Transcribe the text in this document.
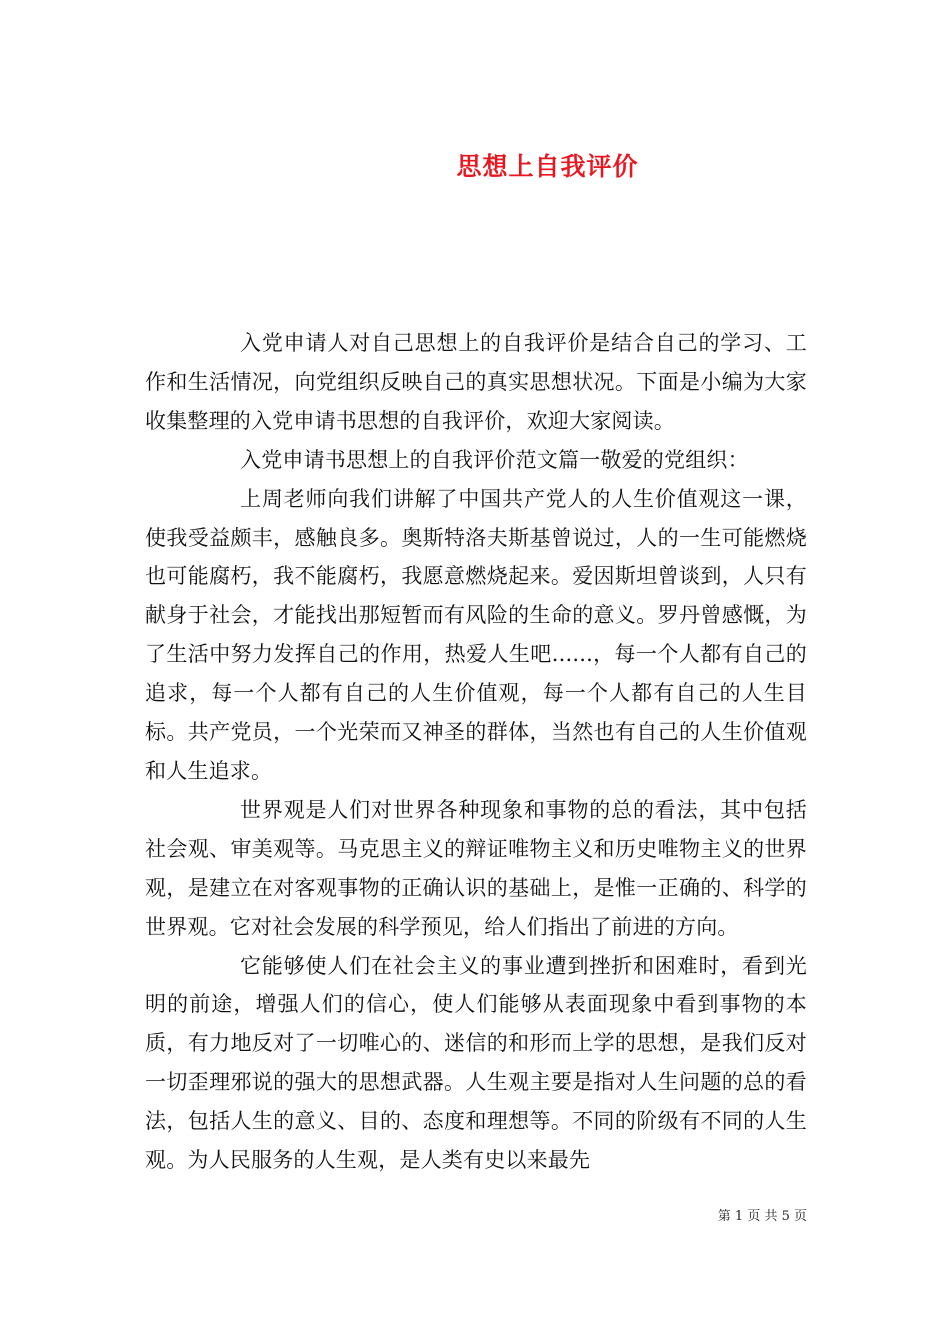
思想上自我评价

入党申请人对自己思想上的自我评价是结合自己的学习、工作和生活情况，向党组织反映自己的真实思想状况。下面是小编为大家收集整理的入党申请书思想的自我评价，欢迎大家阅读。

入党申请书思想上的自我评价范文篇一敬爱的党组织：

上周老师向我们讲解了中国共产党人的人生价值观这一课，使我受益颇丰，感触良多。奥斯特洛夫斯基曾说过，人的一生可能燃烧也可能腐朽，我不能腐朽，我愿意燃烧起来。爱因斯坦曾谈到，人只有献身于社会，才能找出那短暂而有风险的生命的意义。罗丹曾感慨，为了生活中努力发挥自己的作用，热爱人生吧......，每一个人都有自己的追求，每一个人都有自己的人生价值观，每一个人都有自己的人生目标。共产党员，一个光荣而又神圣的群体，当然也有自己的人生价值观和人生追求。

世界观是人们对世界各种现象和事物的总的看法，其中包括社会观、审美观等。马克思主义的辩证唯物主义和历史唯物主义的世界观，是建立在对客观事物的正确认识的基础上，是惟一正确的、科学的世界观。它对社会发展的科学预见，给人们指出了前进的方向。

它能够使人们在社会主义的事业遭到挫折和困难时，看到光明的前途，增强人们的信心，使人们能够从表面现象中看到事物的本质，有力地反对了一切唯心的、迷信的和形而上学的思想，是我们反对一切歪理邪说的强大的思想武器。人生观主要是指对人生问题的总的看法，包括人生的意义、目的、态度和理想等。不同的阶级有不同的人生观。为人民服务的人生观，是人类有史以来最先

第 1 页 共 5 页
